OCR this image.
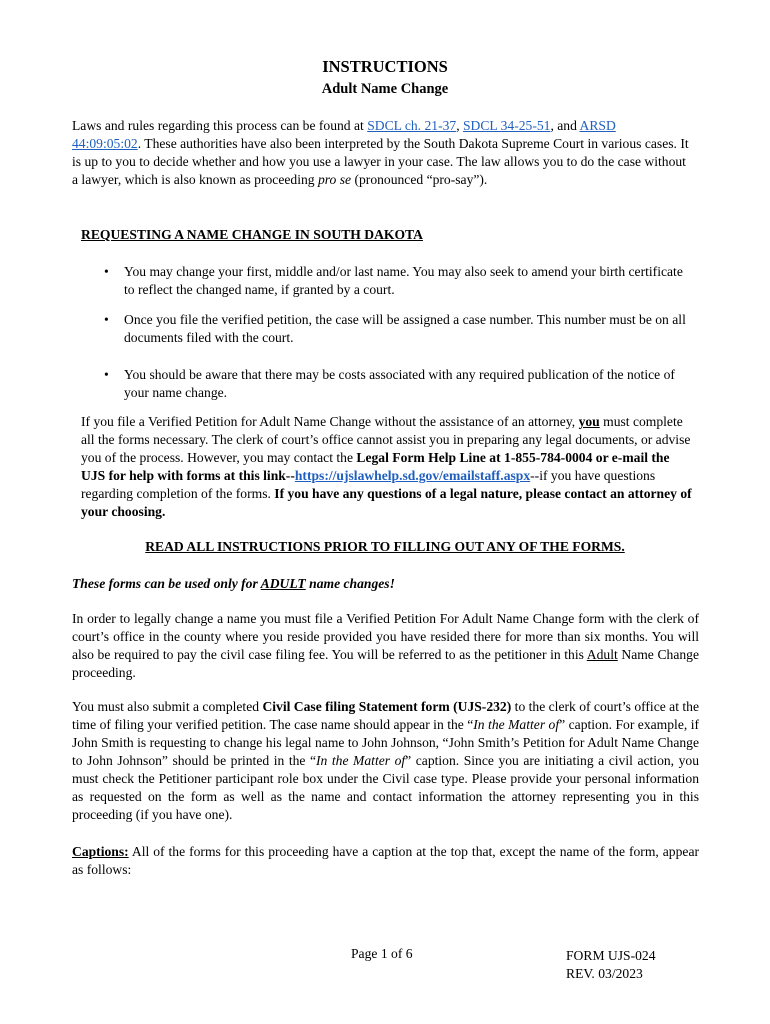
INSTRUCTIONS
Adult Name Change

Laws and rules regarding this process can be found at SDCL ch. 21-37, SDCL 34-25-51, and ARSD
44:09:05:02. These authorities have also been interpreted by the South Dakota Supreme Court in various cases. It is up to you to decide whether and how you use a lawyer in your case. The law allows you to do the case without a lawyer, which is also known as proceeding pro se (pronounced “pro-say”).

REQUESTING A NAME CHANGE IN SOUTH DAKOTA
• You may change your first, middle and/or last name. You may also seek to amend your birth certificate to reflect the changed name, if granted by a court.
• Once you file the verified petition, the case will be assigned a case number. This number must be on all documents filed with the court.
• You should be aware that there may be costs associated with any required publication of the notice of your name change.

If you file a Verified Petition for Adult Name Change without the assistance of an attorney, you must complete all the forms necessary. The clerk of court’s office cannot assist you in preparing any legal documents, or advise you of the process. However, you may contact the Legal Form Help Line at 1-855-784-0004 or e-mail the UJS for help with forms at this link--https://ujslawhelp.sd.gov/emailstaff.aspx--if you have questions regarding completion of the forms. If you have any questions of a legal nature, please contact an attorney of your choosing.

READ ALL INSTRUCTIONS PRIOR TO FILLING OUT ANY OF THE FORMS.

These forms can be used only for ADULT name changes!

In order to legally change a name you must file a Verified Petition For Adult Name Change form with the clerk of court’s office in the county where you reside provided you have resided there for more than six months. You will also be required to pay the civil case filing fee. You will be referred to as the petitioner in this Adult Name Change proceeding.

You must also submit a completed Civil Case filing Statement form (UJS-232) to the clerk of court’s office at the time of filing your verified petition. The case name should appear in the “In the Matter of” caption. For example, if John Smith is requesting to change his legal name to John Johnson, “John Smith’s Petition for Adult Name Change to John Johnson” should be printed in the “In the Matter of” caption. Since you are initiating a civil action, you must check the Petitioner participant role box under the Civil case type. Please provide your personal information as requested on the form as well as the name and contact information the attorney representing you in this proceeding (if you have one).

Captions: All of the forms for this proceeding have a caption at the top that, except the name of the form, appear as follows:

Page 1 of 6	FORM UJS-024
REV. 03/2023
